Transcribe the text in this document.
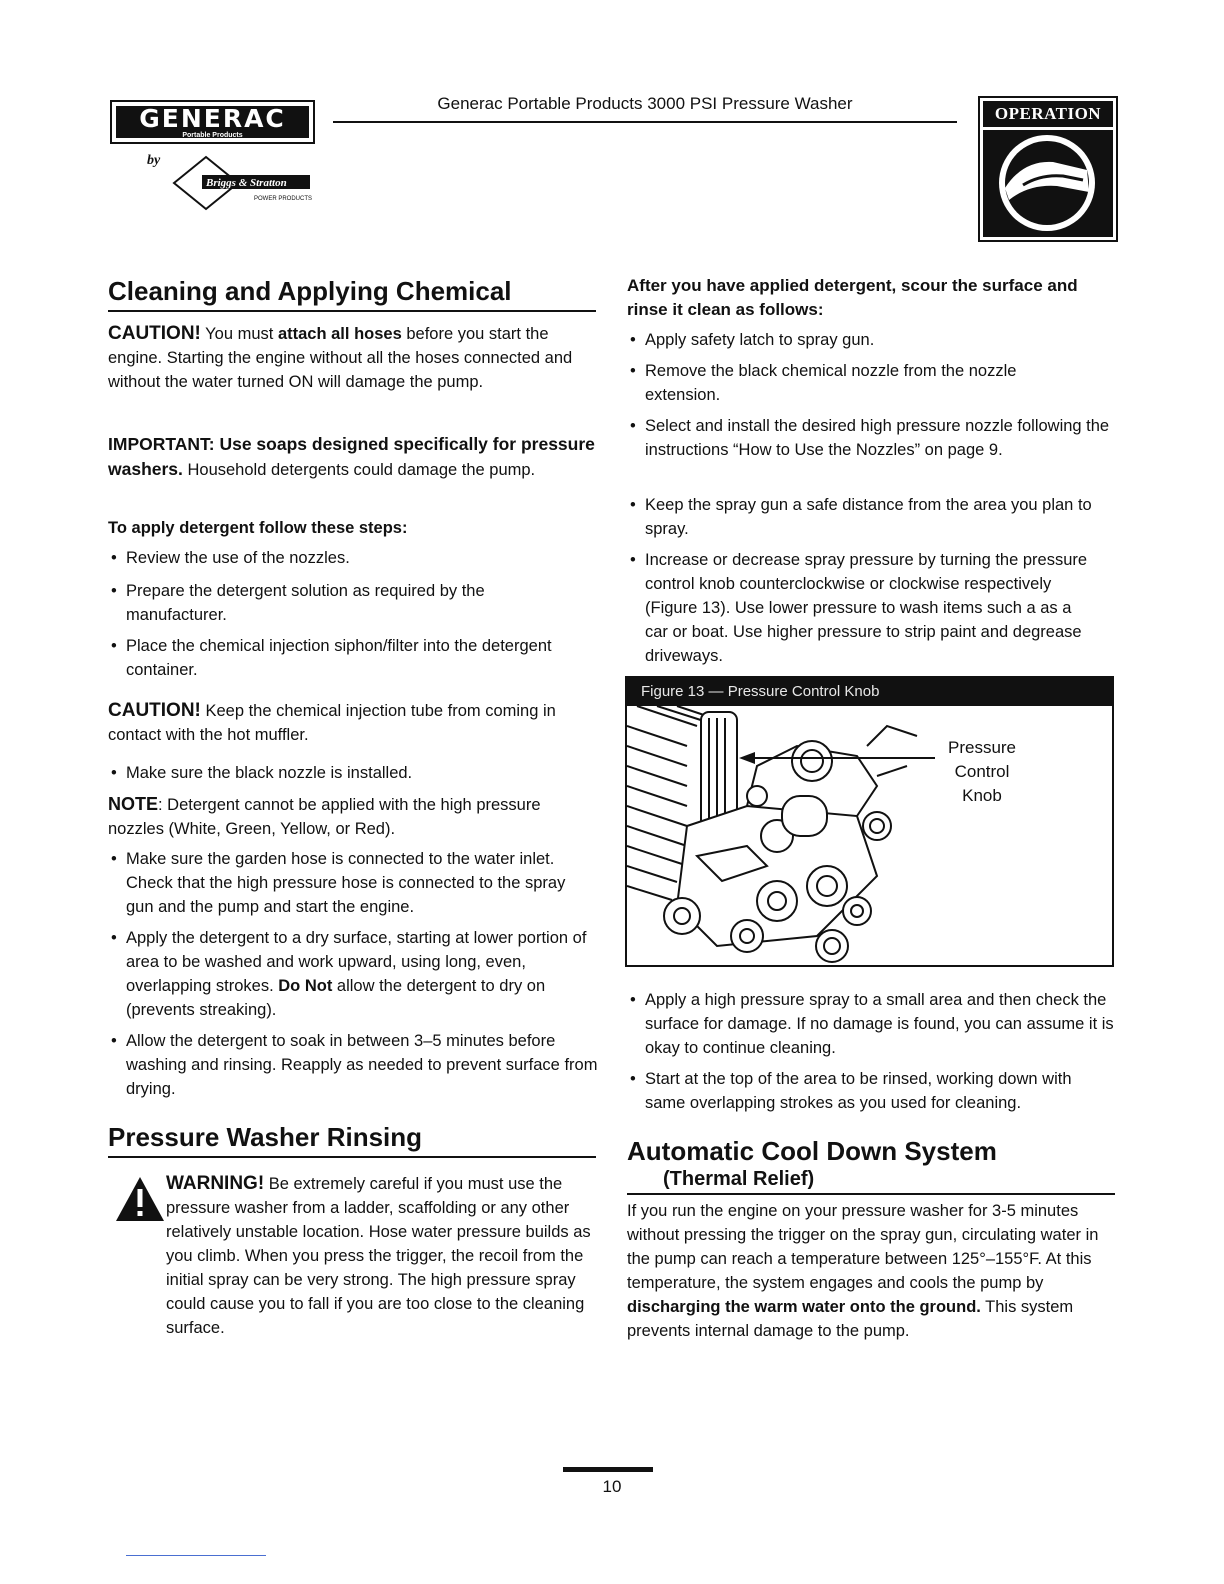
GENERAC
Portable Products
by
Briggs & Stratton
POWER PRODUCTS
Generac Portable Products 3000 PSI Pressure Washer
OPERATION
Cleaning and Applying Chemical
CAUTION! You must attach all hoses before you start the engine. Starting the engine without all the hoses connected and without the water turned ON will damage the pump.
IMPORTANT: Use soaps designed specifically for pressure washers. Household detergents could damage the pump.
To apply detergent follow these steps:
• Review the use of the nozzles.
• Prepare the detergent solution as required by the manufacturer.
• Place the chemical injection siphon/filter into the detergent container.
CAUTION! Keep the chemical injection tube from coming in contact with the hot muffler.
• Make sure the black nozzle is installed.
NOTE: Detergent cannot be applied with the high pressure nozzles (White, Green, Yellow, or Red).
• Make sure the garden hose is connected to the water inlet. Check that the high pressure hose is connected to the spray gun and the pump and start the engine.
• Apply the detergent to a dry surface, starting at lower portion of area to be washed and work upward, using long, even, overlapping strokes. Do Not allow the detergent to dry on (prevents streaking).
• Allow the detergent to soak in between 3–5 minutes before washing and rinsing. Reapply as needed to prevent surface from drying.
Pressure Washer Rinsing
WARNING! Be extremely careful if you must use the pressure washer from a ladder, scaffolding or any other relatively unstable location. Hose water pressure builds as you climb. When you press the trigger, the recoil from the initial spray can be very strong. The high pressure spray could cause you to fall if you are too close to the cleaning surface.
After you have applied detergent, scour the surface and rinse it clean as follows:
• Apply safety latch to spray gun.
• Remove the black chemical nozzle from the nozzle extension.
• Select and install the desired high pressure nozzle following the instructions “How to Use the Nozzles” on page 9.
• Keep the spray gun a safe distance from the area you plan to spray.
• Increase or decrease spray pressure by turning the pressure control knob counterclockwise or clockwise respectively (Figure 13). Use lower pressure to wash items such a as a car or boat. Use higher pressure to strip paint and degrease driveways.
Figure 13 — Pressure Control Knob
Pressure
Control
Knob
• Apply a high pressure spray to a small area and then check the surface for damage. If no damage is found, you can assume it is okay to continue cleaning.
• Start at the top of the area to be rinsed, working down with same overlapping strokes as you used for cleaning.
Automatic Cool Down System
(Thermal Relief)
If you run the engine on your pressure washer for 3-5 minutes without pressing the trigger on the spray gun, circulating water in the pump can reach a temperature between 125°–155°F. At this temperature, the system engages and cools the pump by discharging the warm water onto the ground. This system prevents internal damage to the pump.
10
